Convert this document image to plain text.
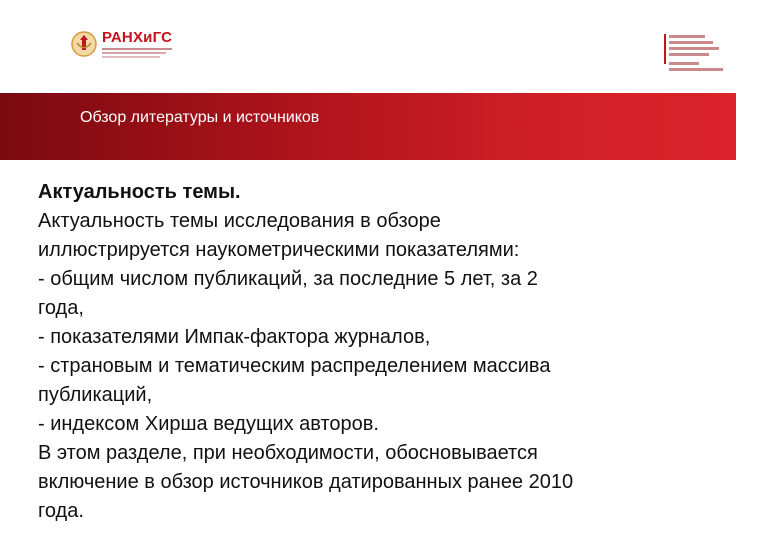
РАНХиГС
Обзор литературы и источников
Актуальность темы.
Актуальность темы исследования в обзоре
иллюстрируется наукометрическими показателями:
- общим числом публикаций, за последние 5 лет, за 2
года,
- показателями Импак-фактора журналов,
- страновым и тематическим распределением массива
публикаций,
- индексом Хирша ведущих авторов.
В этом разделе, при необходимости, обосновывается
включение в обзор источников датированных ранее 2010
года.
